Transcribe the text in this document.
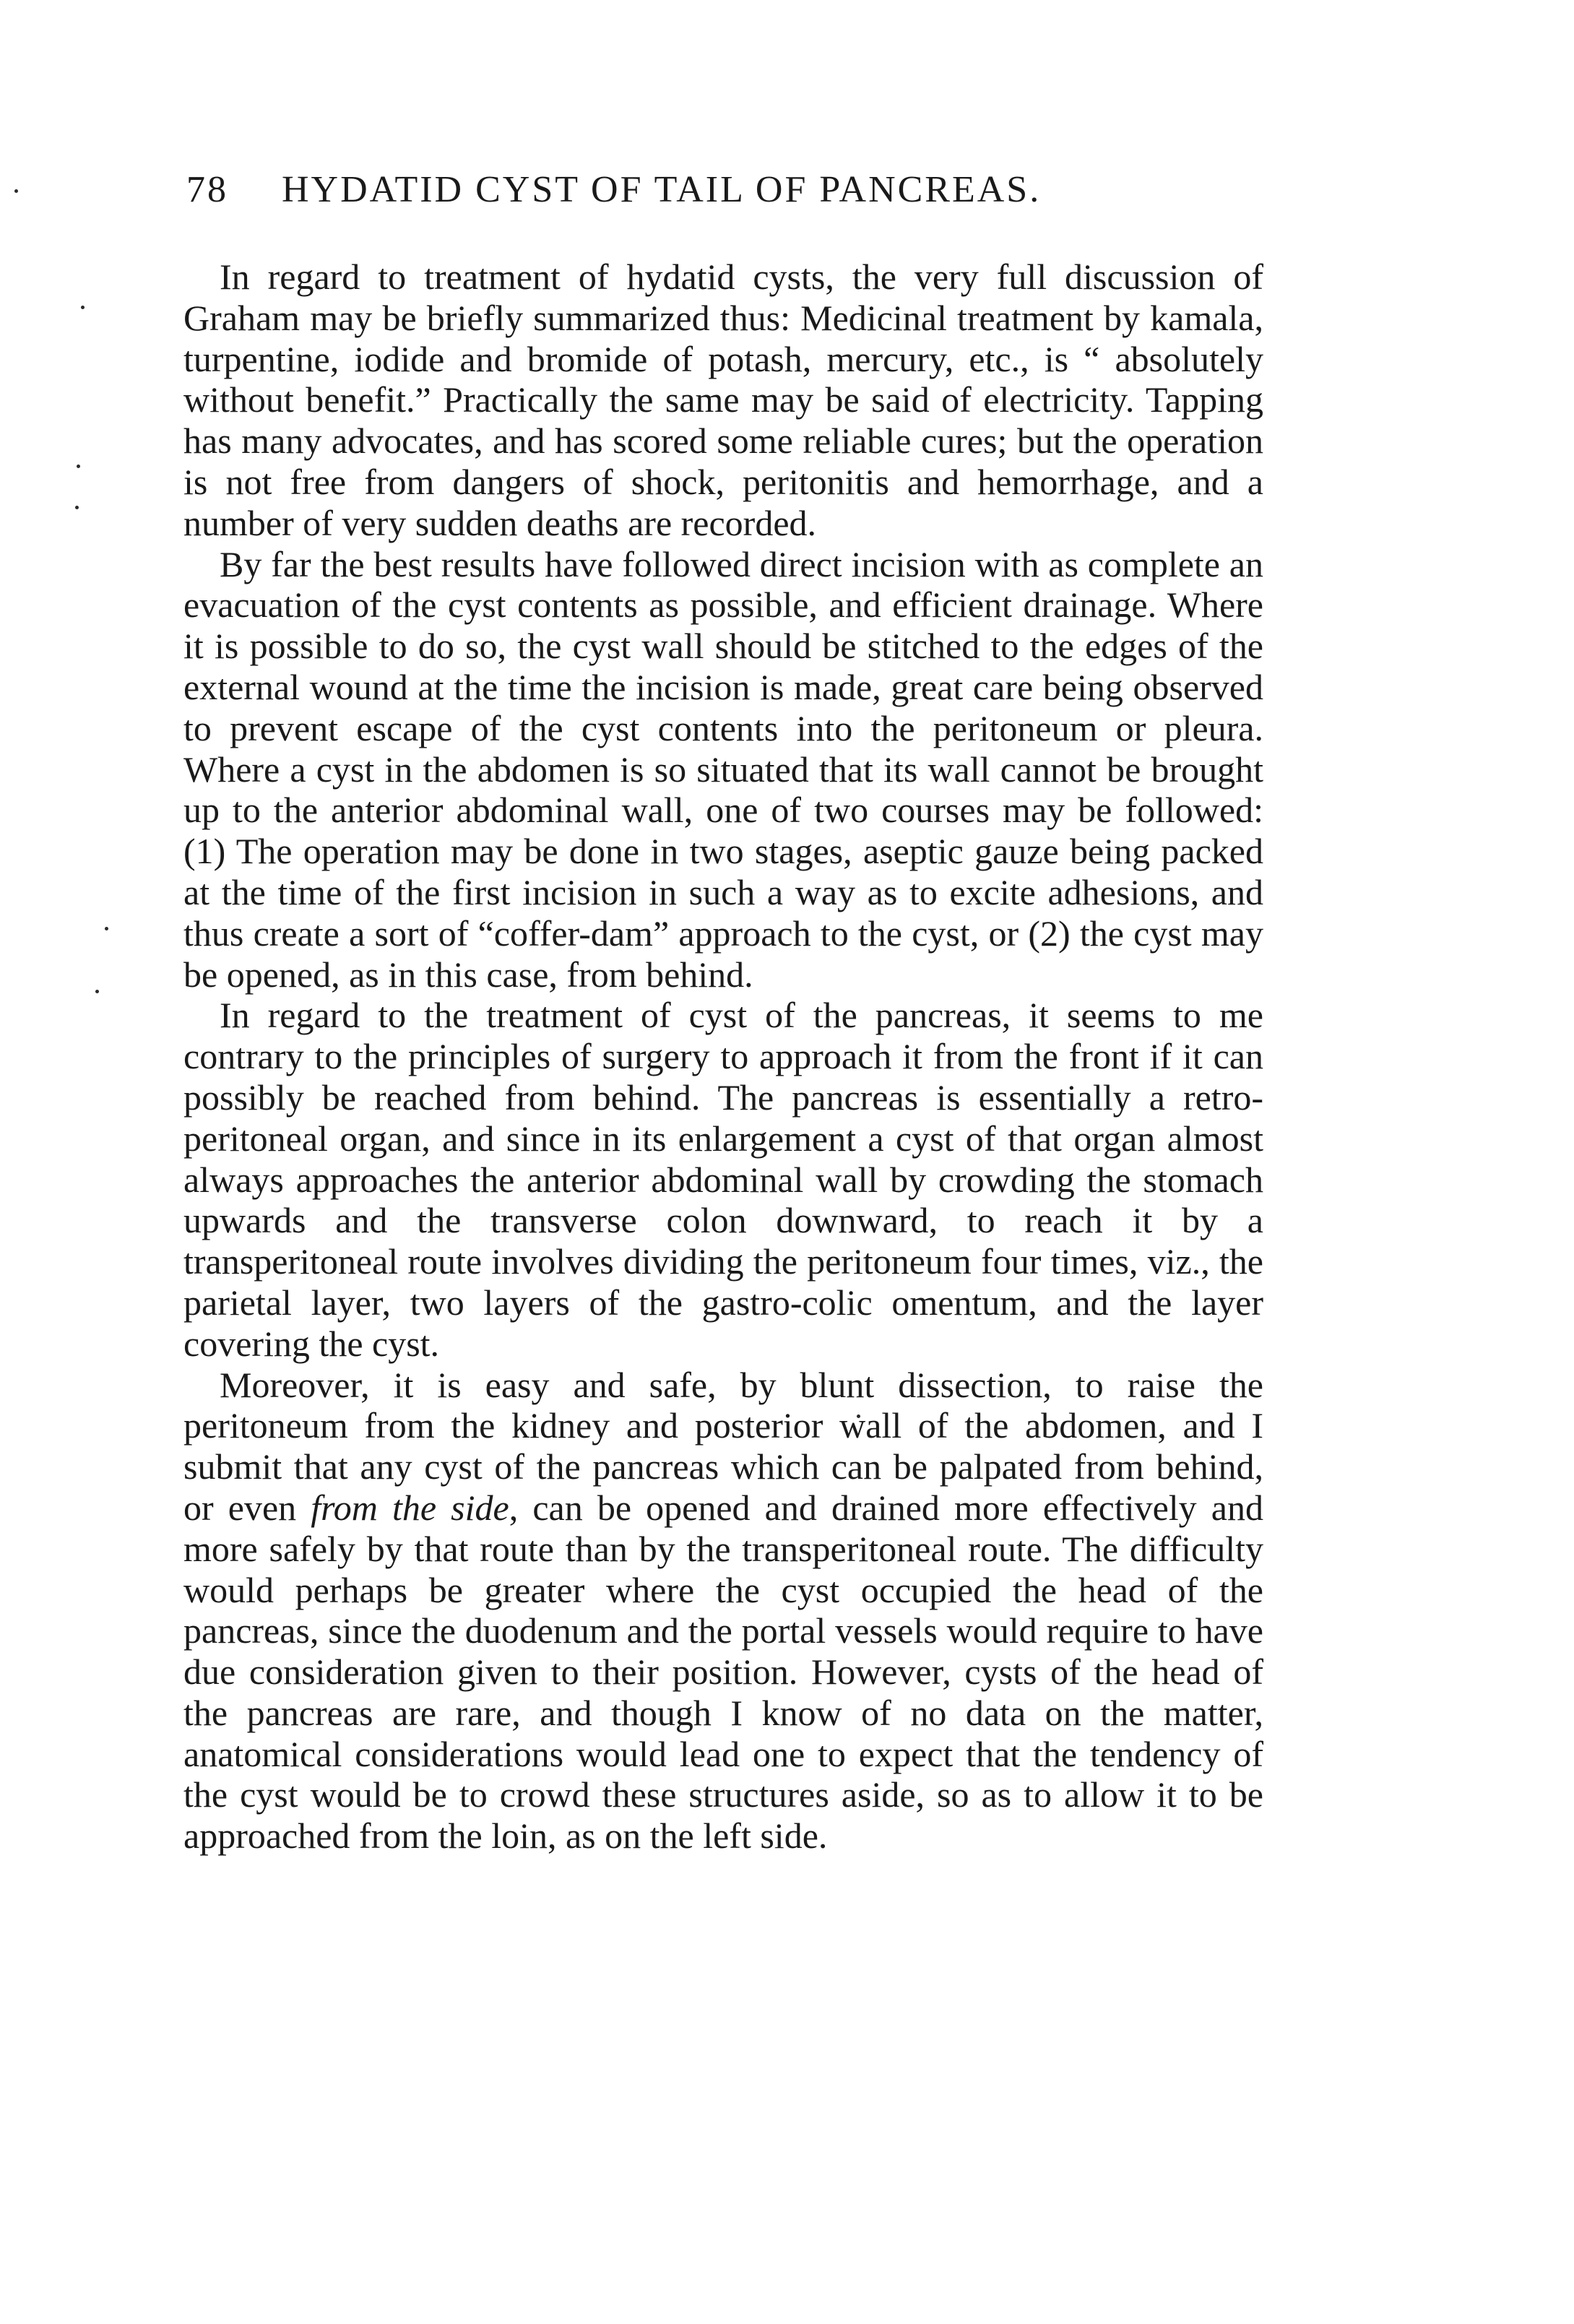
78 HYDATID CYST OF TAIL OF PANCREAS.

In regard to treatment of hydatid cysts, the very full discussion of Graham may be briefly summarized thus: Medicinal treatment by kamala, turpentine, iodide and bromide of potash, mercury, etc., is “ absolutely without benefit.” Practically the same may be said of electricity. Tapping has many advocates, and has scored some reliable cures; but the operation is not free from dangers of shock, peritonitis and hemorrhage, and a number of very sudden deaths are recorded.

By far the best results have followed direct incision with as complete an evacuation of the cyst contents as possible, and efficient drainage. Where it is possible to do so, the cyst wall should be stitched to the edges of the external wound at the time the incision is made, great care being observed to prevent escape of the cyst contents into the peritoneum or pleura. Where a cyst in the abdomen is so situated that its wall cannot be brought up to the anterior abdominal wall, one of two courses may be followed: (1) The operation may be done in two stages, aseptic gauze being packed at the time of the first incision in such a way as to excite adhesions, and thus create a sort of “coffer-dam” approach to the cyst, or (2) the cyst may be opened, as in this case, from behind.

In regard to the treatment of cyst of the pancreas, it seems to me contrary to the principles of surgery to approach it from the front if it can possibly be reached from behind. The pancreas is essentially a retro-peritoneal organ, and since in its enlargement a cyst of that organ almost always approaches the anterior abdominal wall by crowding the stomach upwards and the transverse colon downward, to reach it by a transperitoneal route involves dividing the peritoneum four times, viz., the parietal layer, two layers of the gastro-colic omentum, and the layer covering the cyst.

Moreover, it is easy and safe, by blunt dissection, to raise the peritoneum from the kidney and posterior wall of the abdomen, and I submit that any cyst of the pancreas which can be palpated from behind, or even from the side, can be opened and drained more effectively and more safely by that route than by the transperitoneal route. The difficulty would perhaps be greater where the cyst occupied the head of the pancreas, since the duodenum and the portal vessels would require to have due consideration given to their position. However, cysts of the head of the pancreas are rare, and though I know of no data on the matter, anatomical considerations would lead one to expect that the tendency of the cyst would be to crowd these structures aside, so as to allow it to be approached from the loin, as on the left side.
